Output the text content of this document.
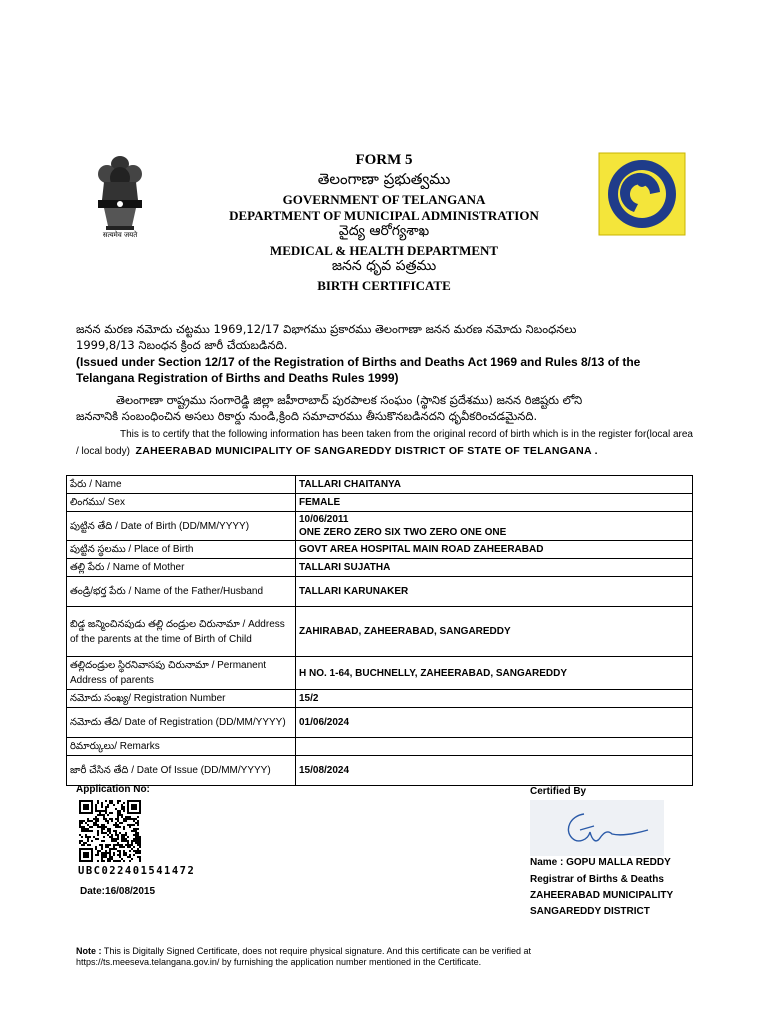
सत्यमेव जयते
FORM 5
తెలంగాణా ప్రభుత్వము
GOVERNMENT OF TELANGANA
DEPARTMENT OF MUNICIPAL ADMINISTRATION
వైద్య ఆరోగ్యశాఖ
MEDICAL & HEALTH DEPARTMENT
జనన ధృవ పత్రము
BIRTH CERTIFICATE
జనన మరణ నమోదు చట్టము 1969,12/17 విభాగము ప్రకారము తెలంగాణా జనన మరణ నమోదు నిబంధనలు
1999,8/13 నిబంధన క్రింద జారీ చేయబడినది.
(Issued under Section 12/17 of the Registration of Births and Deaths Act 1969 and Rules 8/13 of the Telangana Registration of Births and Deaths Rules 1999)
తెలంగాణా రాష్ట్రము సంగారెడ్డి జిల్లా జహీరాబాద్ పురపాలక సంఘం (స్థానిక ప్రదేశము) జనన రిజిష్టరు లోని
జననానికి సంబంధించిన అసలు రికార్డు నుండి,క్రింది సమాచారము తీసుకొనబడినదని ధృవీకరించడమైనది.
This is to certify that the following information has been taken from the original record of birth which is in the register for(local area / local body) ZAHEERABAD MUNICIPALITY OF SANGAREDDY DISTRICT OF STATE OF TELANGANA .
పేరు / Name	TALLARI CHAITANYA

లింగము/ Sex	FEMALE

పుట్టిన తేది / Date of Birth (DD/MM/YYYY)	10/06/2011
ONE ZERO ZERO SIX TWO ZERO ONE ONE

పుట్టిన స్థలము / Place of Birth	GOVT AREA HOSPITAL MAIN ROAD ZAHEERABAD

తల్లి పేరు / Name of Mother	TALLARI SUJATHA

తండ్రి/భర్త పేరు / Name of the Father/Husband	TALLARI KARUNAKER

బిడ్డ జన్మించినపుడు తల్లి దండ్రుల చిరునామా / Address of the parents at the time of Birth of Child	ZAHIRABAD, ZAHEERABAD, SANGAREDDY

తల్లిదండ్రుల స్థిరనివాసపు చిరునామా / Permanent Address of parents	H NO. 1-64, BUCHNELLY, ZAHEERABAD, SANGAREDDY

నమోదు సంఖ్య/ Registration Number	15/2

నమోదు తేది/ Date of Registration (DD/MM/YYYY)	01/06/2024

రిమార్కులు/ Remarks	

జారీ చేసిన తేది / Date Of Issue (DD/MM/YYYY)	15/08/2024
Application No:
UBC022401541472
Date:16/08/2015
Certified By
Name : GOPU MALLA REDDY
Registrar of Births & Deaths
ZAHEERABAD MUNICIPALITY
SANGAREDDY DISTRICT
Note : This is Digitally Signed Certificate, does not require physical signature. And this certificate can be verified at https://ts.meeseva.telangana.gov.in/ by furnishing the application number mentioned in the Certificate.
